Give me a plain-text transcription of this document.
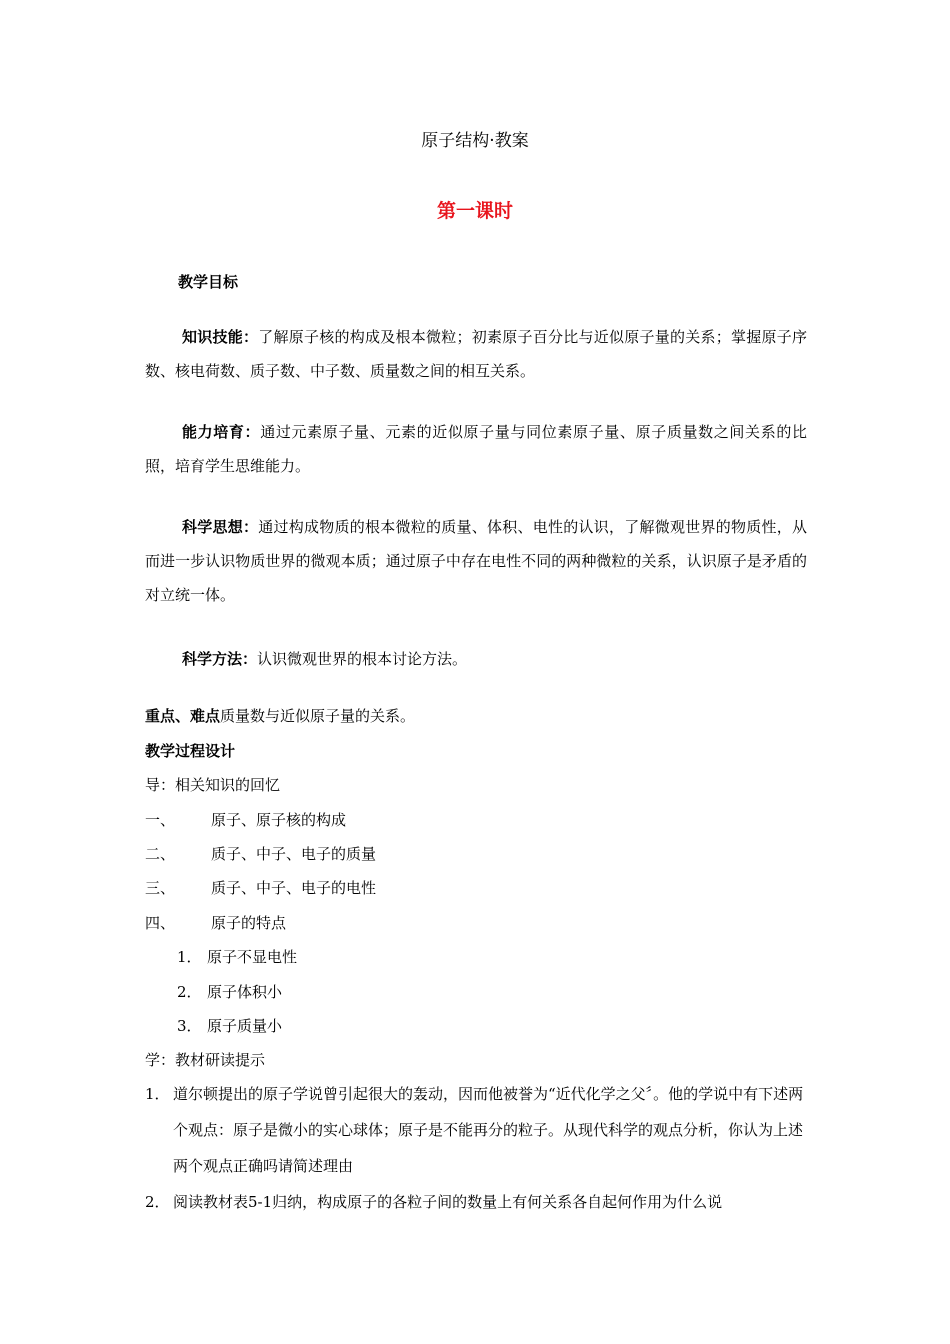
原子结构·教案
第一课时
教学目标
知识技能：了解原子核的构成及根本微粒；初素原子百分比与近似原子量的关系；掌握原子序数、核电荷数、质子数、中子数、质量数之间的相互关系。
能力培育：通过元素原子量、元素的近似原子量与同位素原子量、原子质量数之间关系的比照，培育学生思维能力。
科学思想：通过构成物质的根本微粒的质量、体积、电性的认识，了解微观世界的物质性，从而进一步认识物质世界的微观本质；通过原子中存在电性不同的两种微粒的关系，认识原子是矛盾的对立统一体。
科学方法：认识微观世界的根本讨论方法。
重点、难点质量数与近似原子量的关系。
教学过程设计
导：相关知识的回忆
一、 原子、原子核的构成
二、 质子、中子、电子的质量
三、 质子、中子、电子的电性
四、 原子的特点
1． 原子不显电性
2． 原子体积小
3． 原子质量小
学：教材研读提示
1． 道尔顿提出的原子学说曾引起很大的轰动，因而他被誉为“近代化学之父〞。他的学说中有下述两个观点：原子是微小的实心球体；原子是不能再分的粒子。从现代科学的观点分析，你认为上述两个观点正确吗请简述理由
2． 阅读教材表5-1归纳，构成原子的各粒子间的数量上有何关系各自起何作用为什么说
